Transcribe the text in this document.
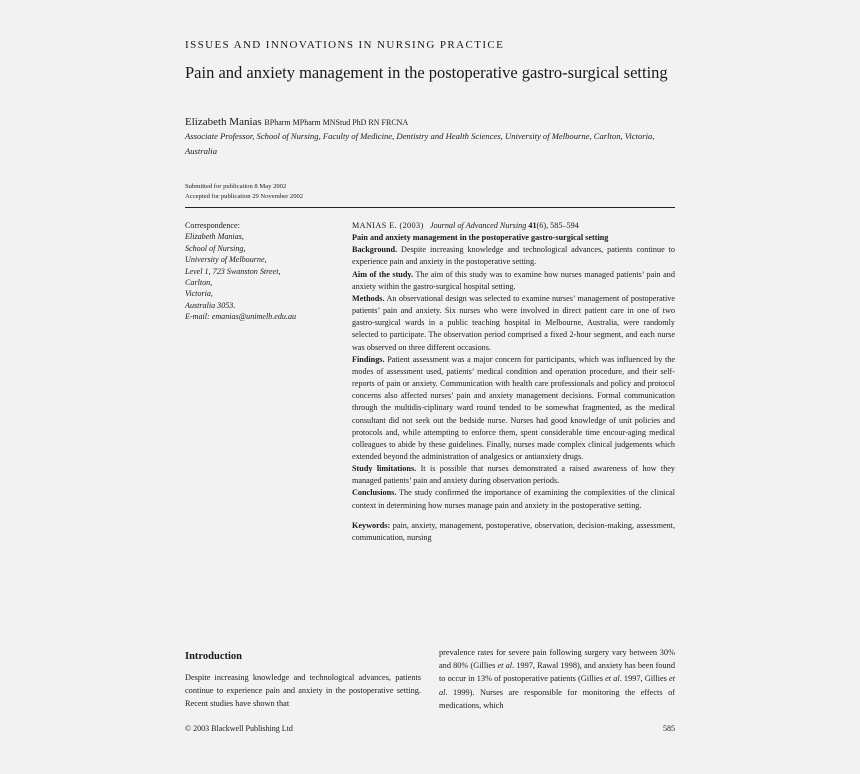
ISSUES AND INNOVATIONS IN NURSING PRACTICE
Pain and anxiety management in the postoperative gastro-surgical setting
Elizabeth Manias BPharm MPharm MNStud PhD RN FRCNA
Associate Professor, School of Nursing, Faculty of Medicine, Dentistry and Health Sciences, University of Melbourne, Carlton, Victoria, Australia
Submitted for publication 8 May 2002
Accepted for publication 29 November 2002
Correspondence:
Elizabeth Manias,
School of Nursing,
University of Melbourne,
Level 1, 723 Swanston Street,
Carlton,
Victoria,
Australia 3053.
E-mail: emanias@unimelb.edu.au

MANIAS E. (2003) Journal of Advanced Nursing 41(6), 585–594

Pain and anxiety management in the postoperative gastro-surgical setting

Background. Despite increasing knowledge and technological advances, patients continue to experience pain and anxiety in the postoperative setting.

Aim of the study. The aim of this study was to examine how nurses managed patients’ pain and anxiety within the gastro-surgical hospital setting.

Methods. An observational design was selected to examine nurses’ management of postoperative patients’ pain and anxiety. Six nurses who were involved in direct patient care in one of two gastro-surgical wards in a public teaching hospital in Melbourne, Australia, were randomly selected to participate. The observation period comprised a fixed 2-hour segment, and each nurse was observed on three different occasions.

Findings. Patient assessment was a major concern for participants, which was influenced by the modes of assessment used, patients’ medical condition and operation procedure, and their self-reports of pain or anxiety. Communication with health care professionals and policy and protocol concerns also affected nurses’ pain and anxiety management decisions. Formal communication through the multidis-ciplinary ward round tended to be somewhat fragmented, as the medical consultant did not seek out the bedside nurse. Nurses had good knowledge of unit policies and protocols and, while attempting to enforce them, spent considerable time encour-aging medical colleagues to abide by these guidelines. Finally, nurses made complex clinical judgements which extended beyond the administration of analgesics or antianxiety drugs.

Study limitations. It is possible that nurses demonstrated a raised awareness of how they managed patients’ pain and anxiety during observation periods.

Conclusions. The study confirmed the importance of examining the complexities of the clinical context in determining how nurses manage pain and anxiety in the postoperative setting.

Keywords: pain, anxiety, management, postoperative, observation, decision-making, assessment, communication, nursing

Introduction

Despite increasing knowledge and technological advances, patients continue to experience pain and anxiety in the postoperative setting. Recent studies have shown that

prevalence rates for severe pain following surgery vary between 30% and 80% (Gillies et al. 1997, Rawal 1998), and anxiety has been found to occur in 13% of postoperative patients (Gillies et al. 1997, Gillies et al. 1999). Nurses are responsible for monitoring the effects of medications, which

© 2003 Blackwell Publishing Ltd	585
